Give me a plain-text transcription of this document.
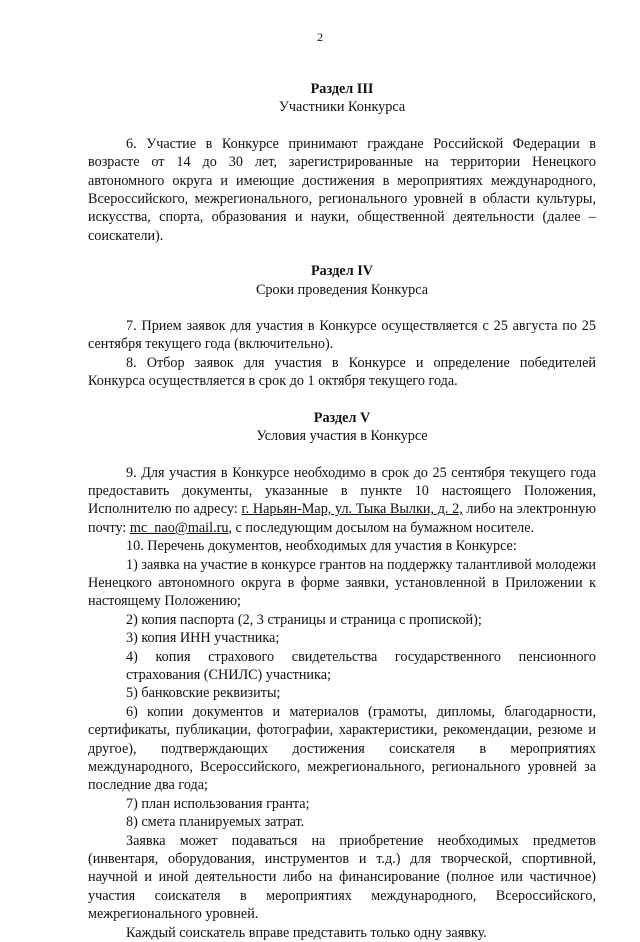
2

Раздел III

Участники Конкурса

6. Участие в Конкурсе принимают граждане Российской Федерации в возрасте от 14 до 30 лет, зарегистрированные на территории Ненецкого автономного округа и имеющие достижения в мероприятиях международного, Всероссийского, межрегионального, регионального уровней в области культуры, искусства, спорта, образования и науки, общественной деятельности (далее – соискатели).

Раздел IV

Сроки проведения Конкурса

7. Прием заявок для участия в Конкурсе осуществляется с 25 августа по 25 сентября текущего года (включительно).

8. Отбор заявок для участия в Конкурсе и определение победителей Конкурса осуществляется в срок до 1 октября текущего года.

Раздел V

Условия участия в Конкурсе

9. Для участия в Конкурсе необходимо в срок до 25 сентября текущего года предоставить документы, указанные в пункте 10 настоящего Положения, Исполнителю по адресу: г. Нарьян-Мар, ул. Тыка Вылки, д. 2, либо на электронную почту: mc_nao@mail.ru, с последующим досылом на бумажном носителе.

10. Перечень документов, необходимых для участия в Конкурсе:

1) заявка на участие в конкурсе грантов на поддержку талантливой молодежи Ненецкого автономного округа в форме заявки, установленной в Приложении к настоящему Положению;

2) копия паспорта (2, 3 страницы и страница с пропиской);

3) копия ИНН участника;

4) копия страхового свидетельства государственного пенсионного страхования (СНИЛС) участника;

5) банковские реквизиты;

6) копии документов и материалов (грамоты, дипломы, благодарности, сертификаты, публикации, фотографии, характеристики, рекомендации, резюме и другое), подтверждающих достижения соискателя в мероприятиях международного, Всероссийского, межрегионального, регионального уровней за последние два года;

7) план использования гранта;

8) смета планируемых затрат.

Заявка может подаваться на приобретение необходимых предметов (инвентаря, оборудования, инструментов и т.д.) для творческой, спортивной, научной и иной деятельности либо на финансирование (полное или частичное) участия соискателя в мероприятиях международного, Всероссийского, межрегионального уровней.

Каждый соискатель вправе представить только одну заявку.
